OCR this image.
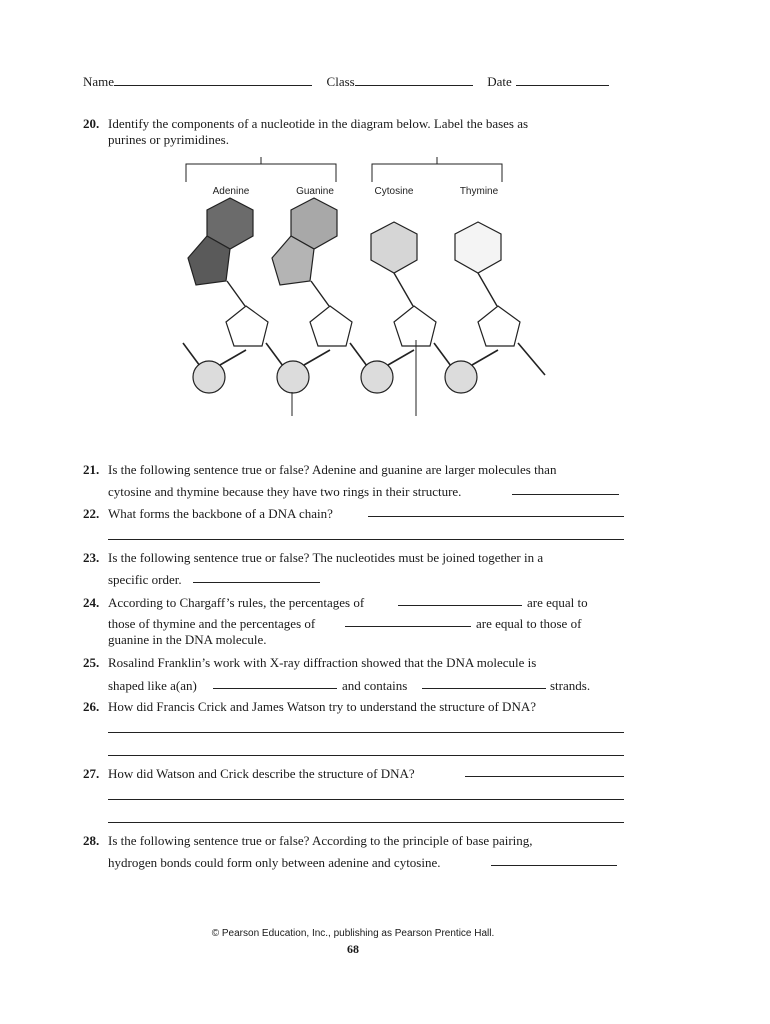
Name	Class	Date
20. Identify the components of a nucleotide in the diagram below. Label the bases as
purines or pyrimidines.
Adenine	Guanine	Cytosine	Thymine
21. Is the following sentence true or false? Adenine and guanine are larger molecules than
cytosine and thymine because they have two rings in their structure.
22. What forms the backbone of a DNA chain?
23. Is the following sentence true or false? The nucleotides must be joined together in a
specific order.
24. According to Chargaff’s rules, the percentages of	are equal to
those of thymine and the percentages of	are equal to those of
guanine in the DNA molecule.
25. Rosalind Franklin’s work with X-ray diffraction showed that the DNA molecule is
shaped like a(an)	and contains	strands.
26. How did Francis Crick and James Watson try to understand the structure of DNA?
27. How did Watson and Crick describe the structure of DNA?
28. Is the following sentence true or false? According to the principle of base pairing,
hydrogen bonds could form only between adenine and cytosine.
© Pearson Education, Inc., publishing as Pearson Prentice Hall.
68
